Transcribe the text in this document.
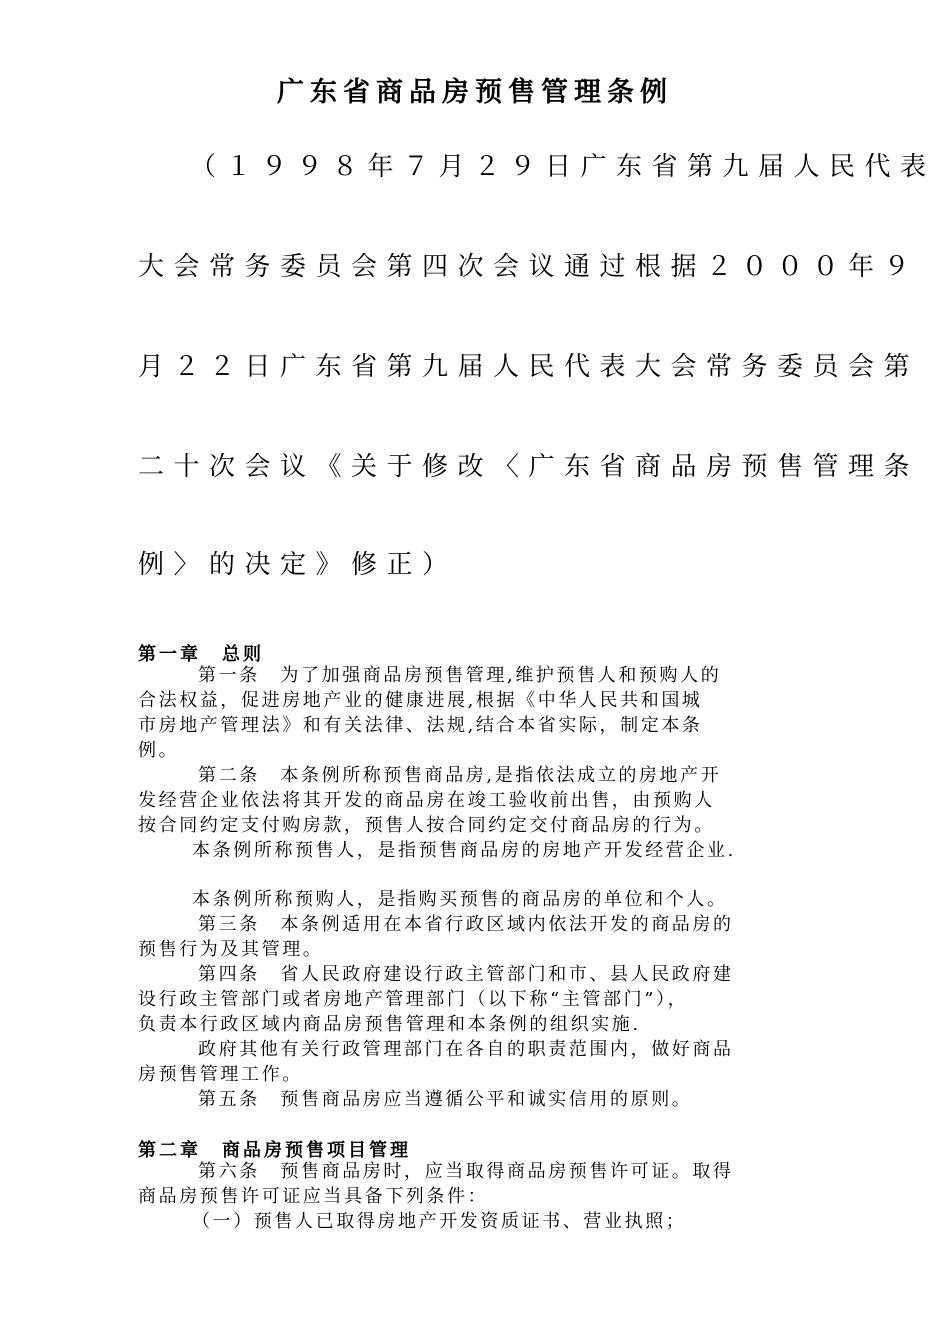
广东省商品房预售管理条例
（１９９８年７月２９日广东省第九届人民代表
大会常务委员会第四次会议通过根据２０００年９
月２２日广东省第九届人民代表大会常务委员会第
二十次会议《关于修改〈广东省商品房预售管理条
例〉的决定》修正）
第一章　总则
第一条　为了加强商品房预售管理,维护预售人和预购人的
合法权益，促进房地产业的健康进展,根据《中华人民共和国城
市房地产管理法》和有关法律、法规,结合本省实际，制定本条
例。
第二条　本条例所称预售商品房,是指依法成立的房地产开
发经营企业依法将其开发的商品房在竣工验收前出售，由预购人
按合同约定支付购房款，预售人按合同约定交付商品房的行为。
本条例所称预售人，是指预售商品房的房地产开发经营企业.
本条例所称预购人，是指购买预售的商品房的单位和个人。
第三条　本条例适用在本省行政区域内依法开发的商品房的
预售行为及其管理。
第四条　省人民政府建设行政主管部门和市、县人民政府建
设行政主管部门或者房地产管理部门（以下称“主管部门”），
负责本行政区域内商品房预售管理和本条例的组织实施.
政府其他有关行政管理部门在各自的职责范围内，做好商品
房预售管理工作。
第五条　预售商品房应当遵循公平和诚实信用的原则。
第二章　商品房预售项目管理
第六条　预售商品房时，应当取得商品房预售许可证。取得
商品房预售许可证应当具备下列条件：
（一）预售人已取得房地产开发资质证书、营业执照；
